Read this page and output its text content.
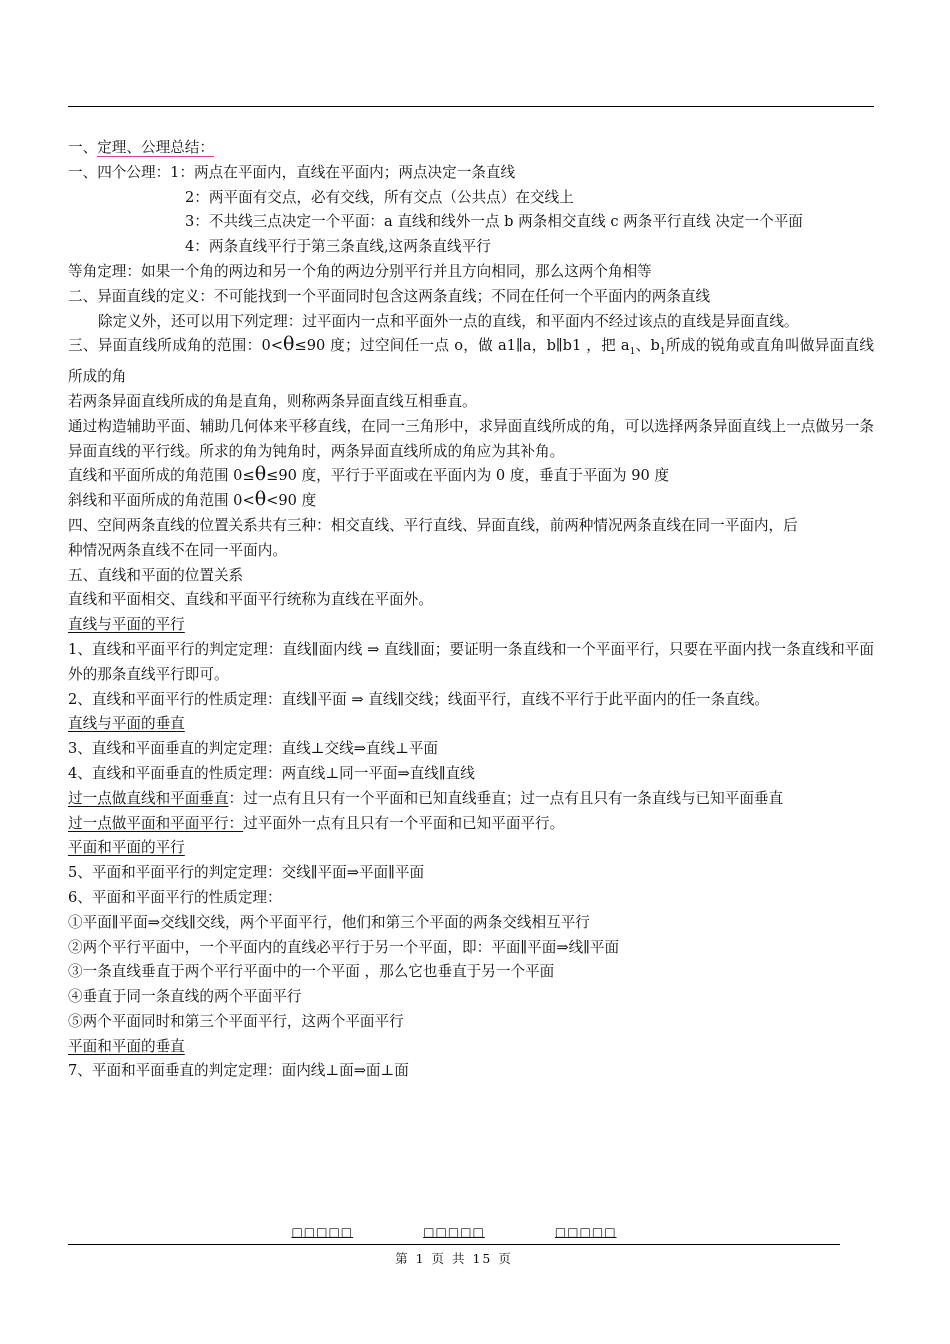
一、定理、公理总结：
一、四个公理：1：两点在平面内，直线在平面内；两点决定一条直线
2：两平面有交点，必有交线，所有交点（公共点）在交线上
3：不共线三点决定一个平面：a 直线和线外一点 b 两条相交直线 c 两条平行直线 决定一个平面
4：两条直线平行于第三条直线,这两条直线平行
等角定理：如果一个角的两边和另一个角的两边分别平行并且方向相同，那么这两个角相等
二、异面直线的定义：不可能找到一个平面同时包含这两条直线；不同在任何一个平面内的两条直线
除定义外，还可以用下列定理：过平面内一点和平面外一点的直线，和平面内不经过该点的直线是异面直线。
三、异面直线所成角的范围：0<θ≤90 度；过空间任一点 o，做 a1∥a，b∥b1 ，把 $a_1$、$b_1$所成的锐角或直角叫做异面直线所成的角
若两条异面直线所成的角是直角，则称两条异面直线互相垂直。
通过构造辅助平面、辅助几何体来平移直线，在同一三角形中，求异面直线所成的角，可以选择两条异面直线上一点做另一条异面直线的平行线。所求的角为钝角时，两条异面直线所成的角应为其补角。
直线和平面所成的角范围 0≤θ≤90 度，平行于平面或在平面内为 0 度，垂直于平面为 90 度
斜线和平面所成的角范围 0<θ<90 度
四、空间两条直线的位置关系共有三种：相交直线、平行直线、异面直线，前两种情况两条直线在同一平面内，后
种情况两条直线不在同一平面内。
五、直线和平面的位置关系
直线和平面相交、直线和平面平行统称为直线在平面外。
直线与平面的平行
1、直线和平面平行的判定定理：直线∥面内线 ⇒ 直线∥面；要证明一条直线和一个平面平行，只要在平面内找一条直线和平面外的那条直线平行即可。
2、直线和平面平行的性质定理：直线∥平面 ⇒ 直线∥交线；线面平行，直线不平行于此平面内的任一条直线。
直线与平面的垂直
3、直线和平面垂直的判定定理：直线⊥交线⇒直线⊥平面
4、直线和平面垂直的性质定理：两直线⊥同一平面⇒直线∥直线
过一点做直线和平面垂直：过一点有且只有一个平面和已知直线垂直；过一点有且只有一条直线与已知平面垂直
过一点做平面和平面平行：过平面外一点有且只有一个平面和已知平面平行。
平面和平面的平行
5、平面和平面平行的判定定理：交线∥平面⇒平面∥平面
6、平面和平面平行的性质定理：
①平面∥平面⇒交线∥交线，两个平面平行，他们和第三个平面的两条交线相互平行
②两个平行平面中，一个平面内的直线必平行于另一个平面，即：平面∥平面⇒线∥平面
③一条直线垂直于两个平行平面中的一个平面 ，那么它也垂直于另一个平面
④垂直于同一条直线的两个平面平行
⑤两个平面同时和第三个平面平行，这两个平面平行
平面和平面的垂直
7、平面和平面垂直的判定定理：面内线⊥面⇒面⊥面
□□□□□	□□□□□	□□□□□
第 1 页 共 15 页
